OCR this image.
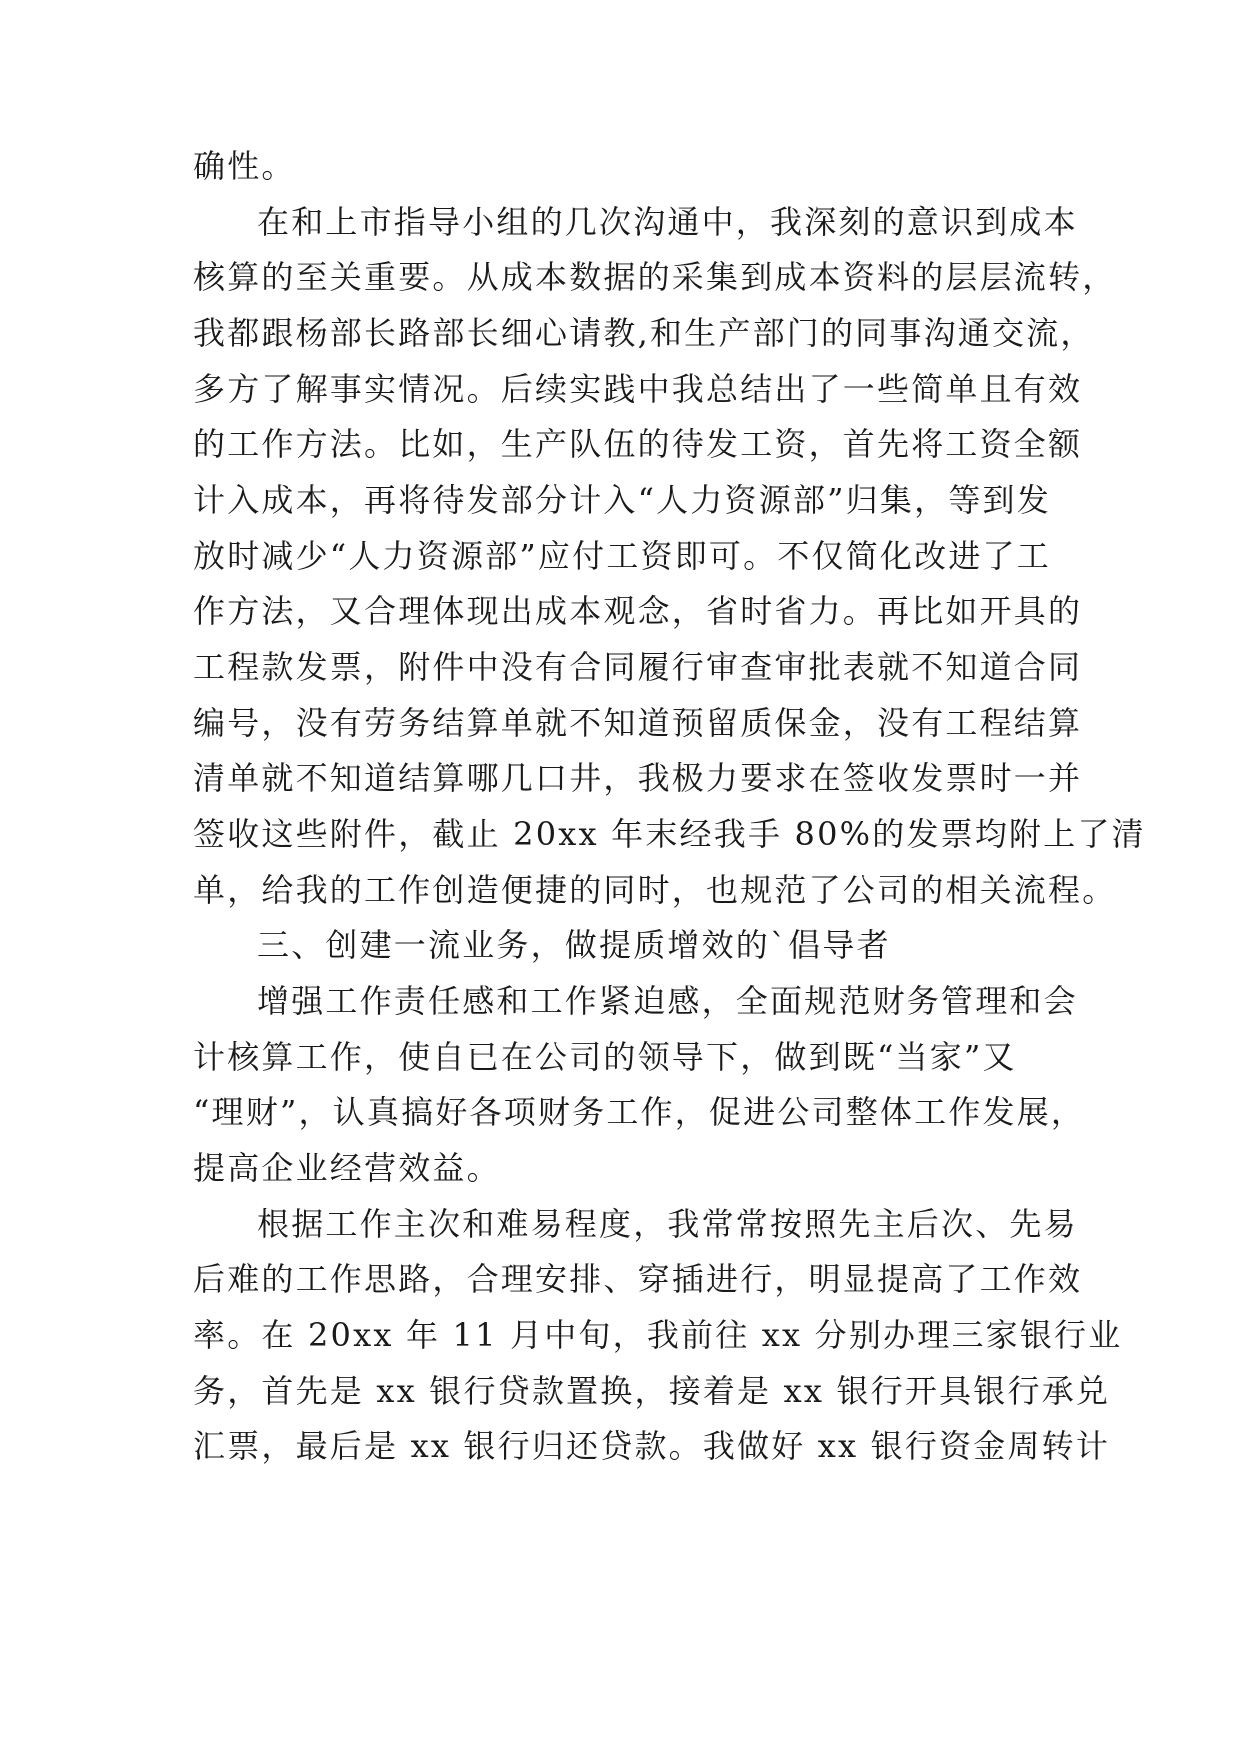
确性。
在和上市指导小组的几次沟通中，我深刻的意识到成本
核算的至关重要。从成本数据的采集到成本资料的层层流转，
我都跟杨部长路部长细心请教,和生产部门的同事沟通交流，
多方了解事实情况。后续实践中我总结出了一些简单且有效
的工作方法。比如，生产队伍的待发工资，首先将工资全额
计入成本，再将待发部分计入“人力资源部”归集，等到发
放时减少“人力资源部”应付工资即可。不仅简化改进了工
作方法，又合理体现出成本观念，省时省力。再比如开具的
工程款发票，附件中没有合同履行审查审批表就不知道合同
编号，没有劳务结算单就不知道预留质保金，没有工程结算
清单就不知道结算哪几口井，我极力要求在签收发票时一并
签收这些附件，截止 20xx 年末经我手 80%的发票均附上了清
单，给我的工作创造便捷的同时，也规范了公司的相关流程。
三、创建一流业务，做提质增效的`倡导者
增强工作责任感和工作紧迫感，全面规范财务管理和会
计核算工作，使自已在公司的领导下，做到既“当家”又
“理财”，认真搞好各项财务工作，促进公司整体工作发展，
提高企业经营效益。
根据工作主次和难易程度，我常常按照先主后次、先易
后难的工作思路，合理安排、穿插进行，明显提高了工作效
率。在 20xx 年 11 月中旬，我前往 xx 分别办理三家银行业
务，首先是 xx 银行贷款置换，接着是 xx 银行开具银行承兑
汇票，最后是 xx 银行归还贷款。我做好 xx 银行资金周转计
